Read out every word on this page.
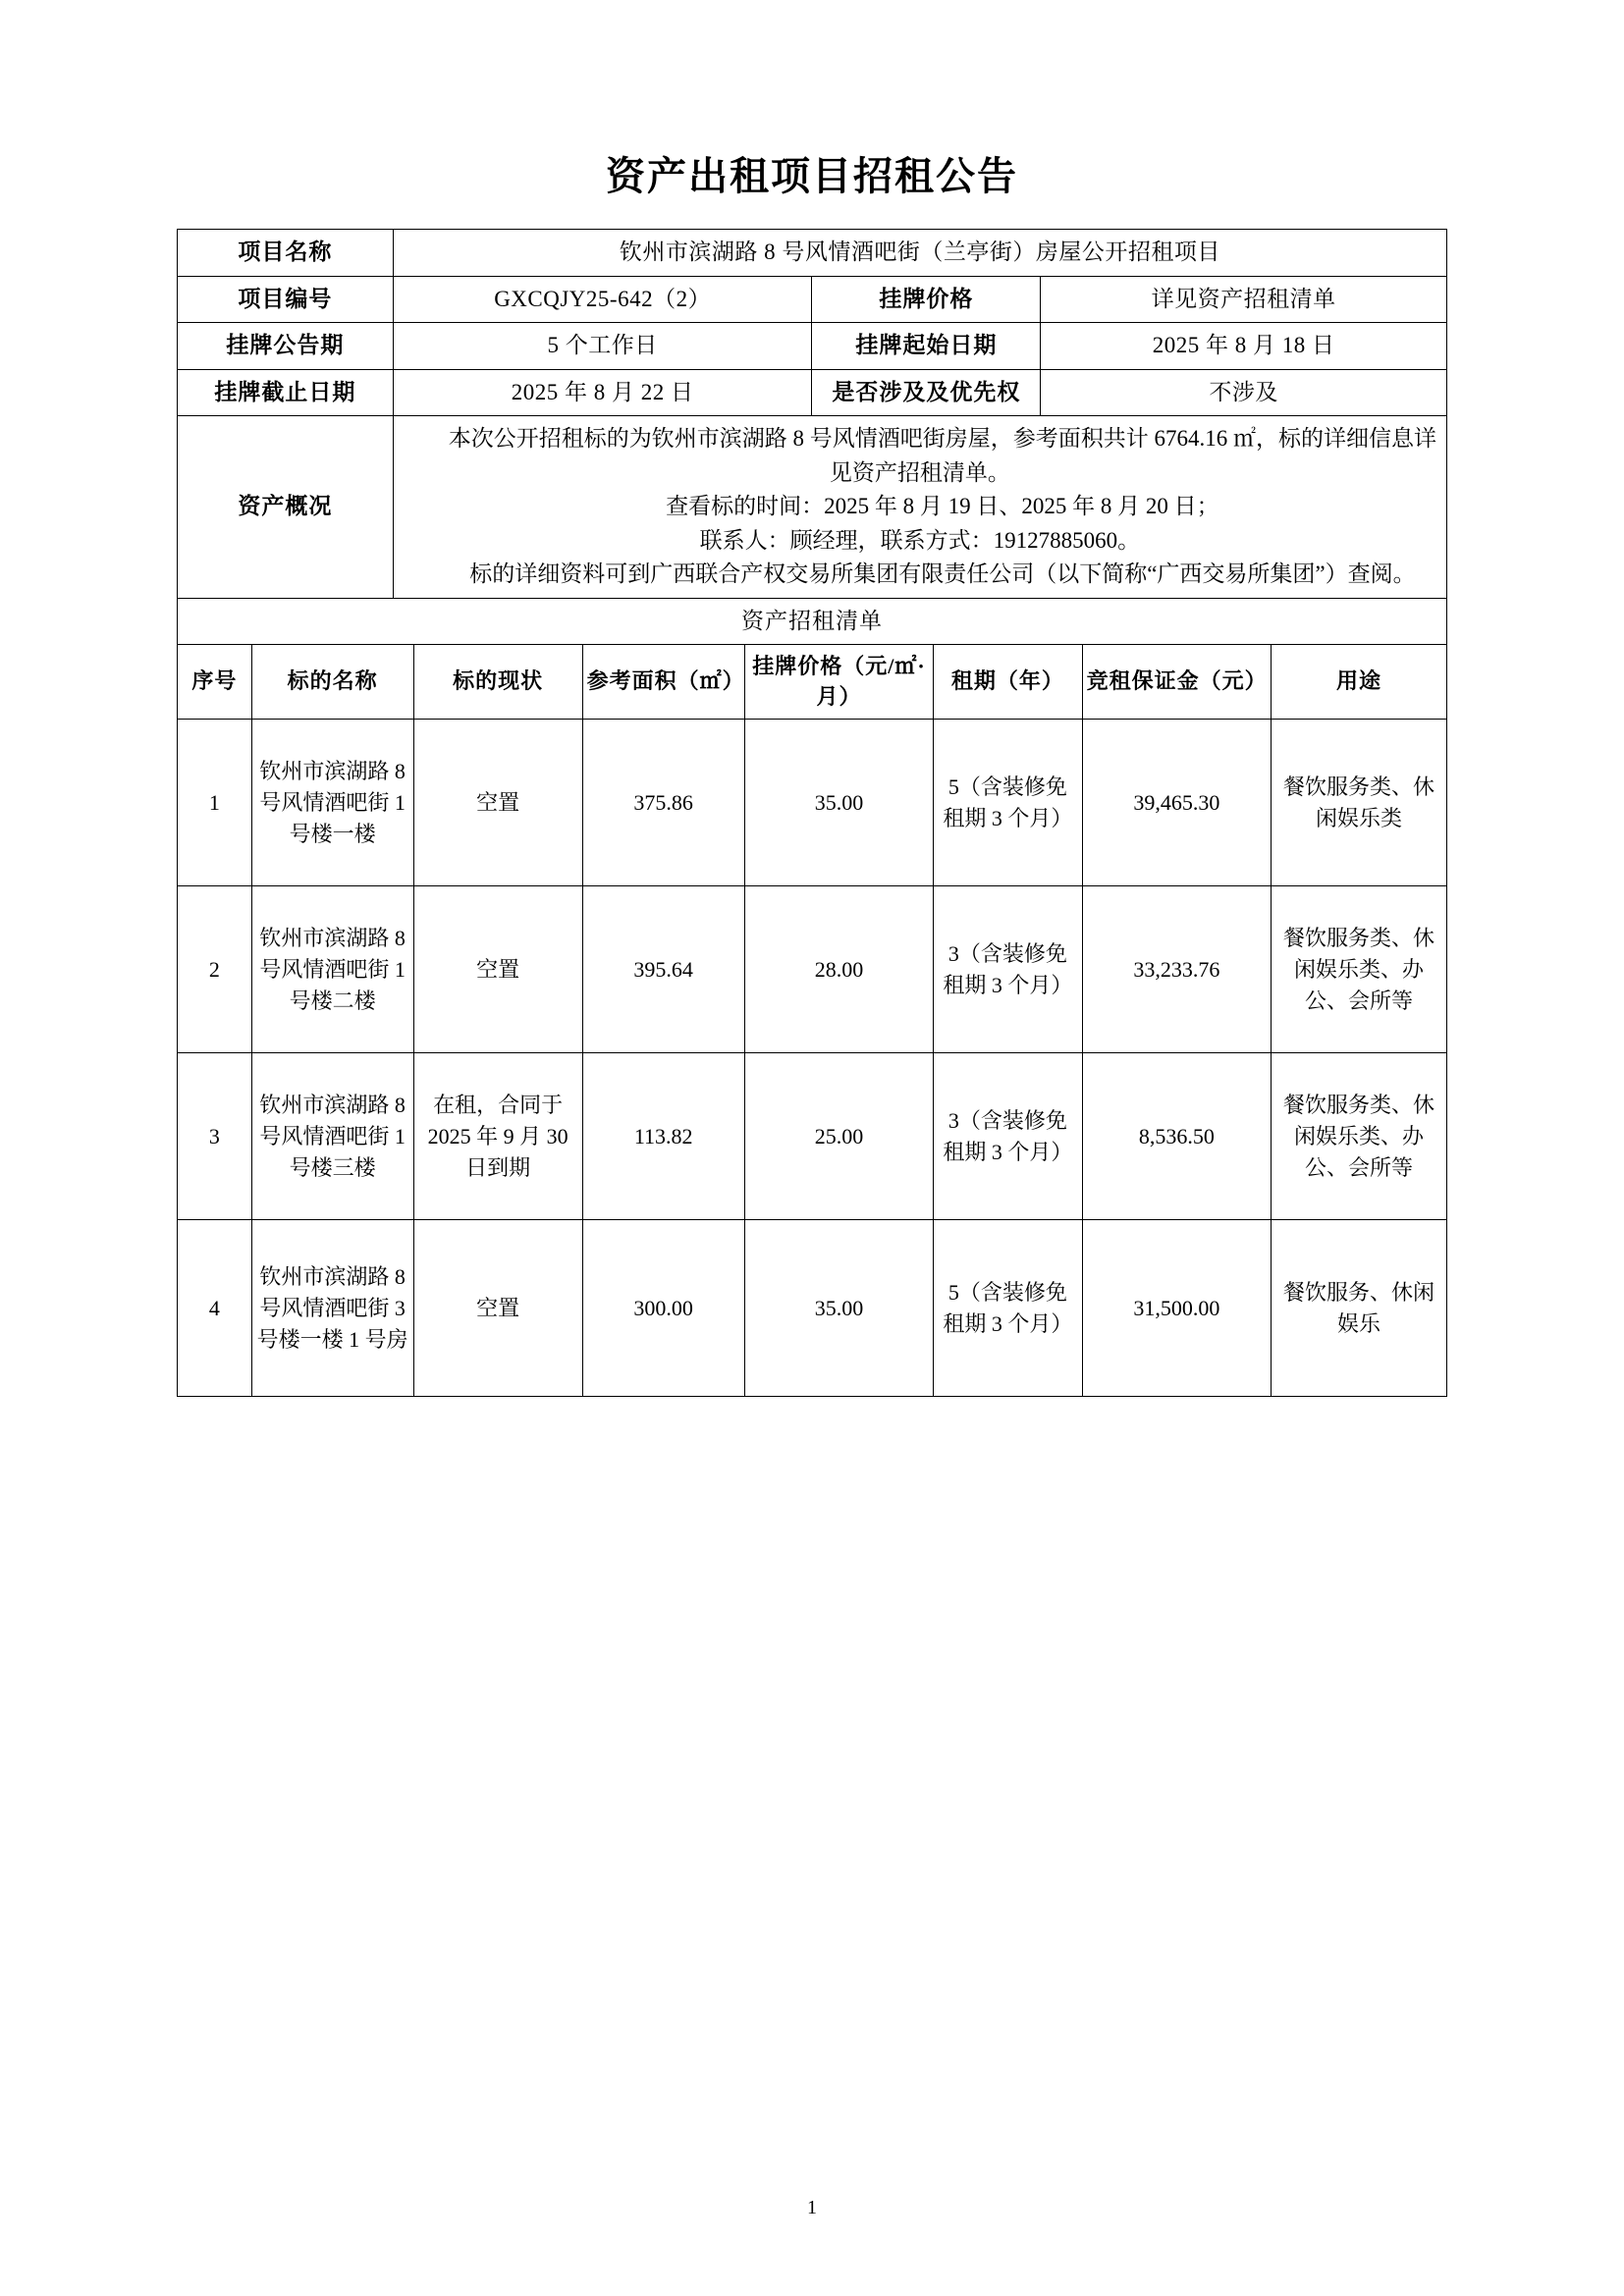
资产出租项目招租公告
项目名称	钦州市滨湖路 8 号风情酒吧街（兰亭街）房屋公开招租项目		
项目编号	GXCQJY25-642（2）	挂牌价格	详见资产招租清单
挂牌公告期	5 个工作日	挂牌起始日期	2025 年 8 月 18 日
挂牌截止日期	2025 年 8 月 22 日	是否涉及及优先权	不涉及
资产概况	本次公开招租标的为钦州市滨湖路 8 号风情酒吧街房屋，参考面积共计 6764.16 ㎡，标的详细信息详见资产招租清单。

查看标的时间：2025 年 8 月 19 日、2025 年 8 月 20 日；

联系人：顾经理，联系方式：19127885060。

标的详细资料可到广西联合产权交易所集团有限责任公司（以下简称“广西交易所集团”）查阅。		

资产招租清单			
序号	标的名称	标的现状	参考面积（㎡）	挂牌价格（元/㎡·月）	租期（年）	竞租保证金（元）	用途
1	钦州市滨湖路 8 号风情酒吧街 1 号楼一楼	空置	375.86	35.00	5（含装修免租期 3 个月）	39,465.30	餐饮服务类、休闲娱乐类
2	钦州市滨湖路 8 号风情酒吧街 1 号楼二楼	空置	395.64	28.00	3（含装修免租期 3 个月）	33,233.76	餐饮服务类、休闲娱乐类、办公、会所等
3	钦州市滨湖路 8 号风情酒吧街 1 号楼三楼	在租，合同于 2025 年 9 月 30 日到期	113.82	25.00	3（含装修免租期 3 个月）	8,536.50	餐饮服务类、休闲娱乐类、办公、会所等
4	钦州市滨湖路 8 号风情酒吧街 3 号楼一楼 1 号房	空置	300.00	35.00	5（含装修免租期 3 个月）	31,500.00	餐饮服务、休闲娱乐
1
